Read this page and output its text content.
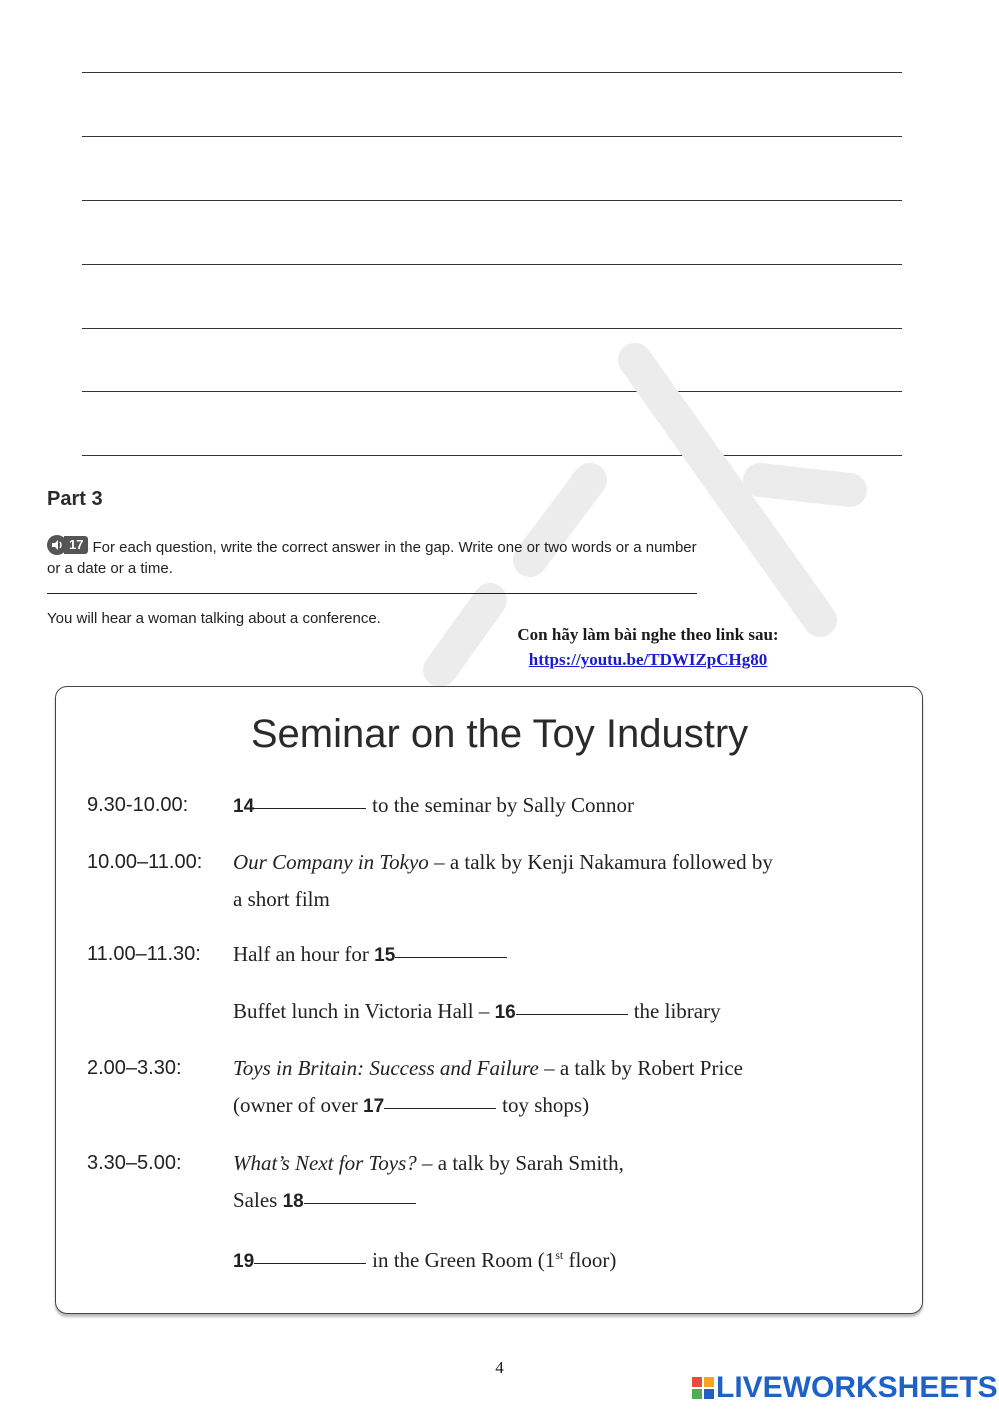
Part 3
17 For each question, write the correct answer in the gap. Write one or two words or a number or a date or a time.
You will hear a woman talking about a conference.
Con hãy làm bài nghe theo link sau:
https://youtu.be/TDWIZpCHg80
Seminar on the Toy Industry
9.30-10.00:	14	to the seminar by Sally Connor
10.00–11.00:	Our Company in Tokyo – a talk by Kenji Nakamura followed by
a short film
11.00–11.30:	Half an hour for 15
Buffet lunch in Victoria Hall – 16	the library
2.00–3.30:	Toys in Britain: Success and Failure – a talk by Robert Price
(owner of over 17	toy shops)
3.30–5.00:	What’s Next for Toys? – a talk by Sarah Smith,
Sales 18
19	in the Green Room (1st floor)
4
LIVEWORKSHEETS
